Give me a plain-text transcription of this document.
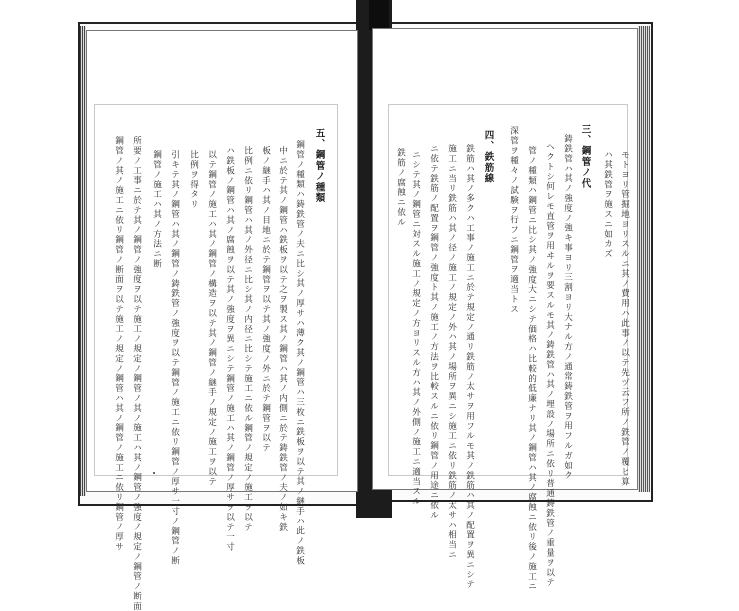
モトヨリ管掘地ヨリスルニ其ノ費用ハ此事ノ以テ先ヅ云フ所ノ鉄管ノ覆ヒ算
ハ其鉄管ヲ施スニ如カズ
三、鋼管ノ代
鋳鉄管ハ其ノ強度ノ強キ事ヨリ三割ヨリ大ナル方ノ通常鋳鉄管ヲ用フルガ如ク
ヘクトシ何レモ直管ヲ用ヰルヲ要スルモ其ノ鋳鉄管ハ其ノ埋設ノ場所ニ依リ普通鋳鉄管ノ重量ヲ以テ
管ノ種類ハ鋼管ニ比シ其ノ強度大ニシテ価格ハ比較的低廉ナリ其ノ鋼管ハ其ノ腐蝕ニ依リ後ノ施工ニ
深管ヲ種々ノ試験ヲ行フニ鋼管ヲ適当トス
四、鉄筋線
鉄筋ハ其ノ多クハ工事ノ施工ニ於テ規定ノ通リ鉄筋ノ太サヲ用フルモ其ノ鉄筋ハ其ノ配置ヲ異ニシテ
施工ニ当リ鉄筋ハ其ノ径ノ施工ノ規定ノ外ハ其ノ場所ヲ異ニシ施工ニ依リ鉄筋ノ太サハ相当ニ
ニ依テ鉄筋ノ配置ヲ鋼管ノ強度ト其ノ施工ノ方法ヲ比較スルニ依リ鋼管ノ用途ニ依ル
ニシテ其ノ鋼管ニ対スル施工ノ規定ノ方ヨリスル方ハ其ノ外側ノ施工ニ適当スル
鉄筋ノ腐蝕ニ依ル
五、鋼管ノ種類
鋼管ノ種類ハ鋳鉄管ノ夫ニ比シ其ノ厚サハ薄ク其ノ鋼管ハ三枚ニ鉄板ヲ以テ其ノ継手ハ此ノ鉄板
中ニ於テ其ノ鋼管ハ鉄板ヲ以テ之ヲ製ス其ノ鋼管ハ其ノ内側ニ於テ鋳鉄管ノ夫ノ如キ鉄
板ノ継手ハ其ノ目地ニ於テ鋼管ヲ以テ其ノ強度ノ外ニ於テ鋼管ヲ以テ
比例ニ依リ鋼管ハ其ノ外径ニ比シ其ノ内径ニ比シテ施工ニ依ル鋼管ノ規定ノ施工ヲ以テ
ハ鉄板ノ鋼管ハ其ノ腐蝕ヲ以テ其ノ強度ヲ異ニシテ鋼管ノ施工ハ其ノ鋼管ノ厚サヲ以テ一寸
以テ鋼管ノ施工ハ其ノ鋼管ノ構造ヲ以テ其ノ鋼管ノ継手ノ規定ノ施工ヲ以テ
比例ヲ得タリ
引キテ其ノ鋼管ハ其ノ鋼管ノ鋳鉄管ノ強度ヲ以テ鋼管ノ施工ニ依リ鋼管ノ厚サ一寸ノ鋼管ノ断
鋼管ノ施工ハ其ノ方法ニ断
所要ノ工事ニ於テ其ノ鋼管ノ強度ヲ以テ施工ノ規定ノ鋼管ノ其ノ施工ハ其ノ鋼管ノ強度ノ規定ノ鋼管ノ断面
鋼管ノ其ノ施工ニ依リ鋼管ノ断面ヲ以テ施工ノ規定ノ鋼管ハ其ノ鋼管ノ施工ニ依リ鋼管ノ厚サ
